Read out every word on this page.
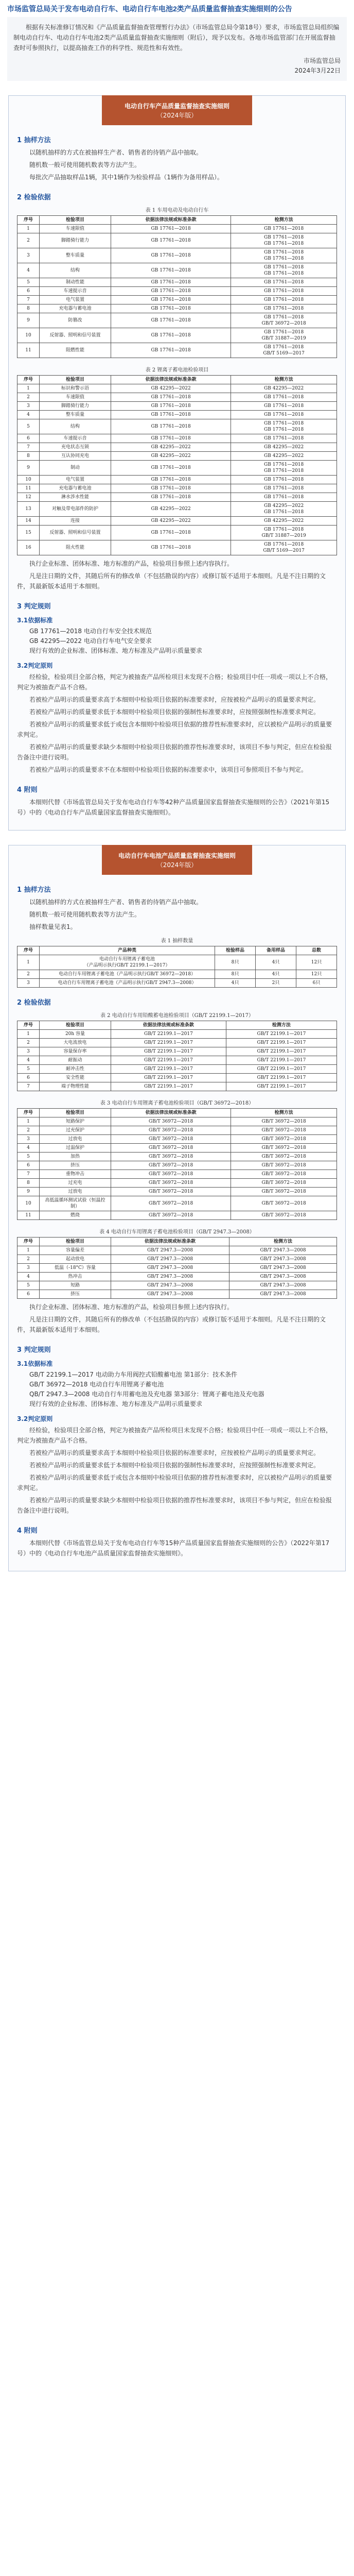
市场监管总局关于发布电动自行车、电动自行车电池2类产品质量监督抽查实施细则的公告

根据有关标准修订情况和《产品质量监督抽查管理暂行办法》（市场监管总局令第18号）要求，市场监管总局组织编制电动自行车、电动自行车电池2类产品质量监督抽查实施细则（附后），现予以发布。各地市场监管部门在开展监督抽查时可参照执行，以提高抽查工作的科学性、规范性和有效性。

市场监管总局
2024年3月22日
电动自行车产品质量监督抽查实施细则
（2024年版）
1 抽样方法

以随机抽样的方式在被抽样生产者、销售者的待销产品中抽取。

随机数一般可使用随机数表等方法产生。

每批次产品抽取样品1辆，其中1辆作为检验样品（1辆作为备用样品）。

2 检验依据
表 1 车用电动及电动自行车
序号	检验项目	依据法律法规或标准条款	检测方法
1	车速限值	GB 17761—2018	GB 17761—2018
2	脚踏骑行能力	GB 17761—2018	GB 17761—2018
GB 17761—2018
3	整车质量	GB 17761—2018	GB 17761—2018
GB 17761—2018
4	结构	GB 17761—2018	GB 17761—2018
GB 17761—2018
5	制动性能	GB 17761—2018	GB 17761—2018
6	车速提示音	GB 17761—2018	GB 17761—2018
7	电气装置	GB 17761—2018	GB 17761—2018
8	充电器与蓄电池	GB 17761—2018	GB 17761—2018
9	防篡改	GB 17761—2018	GB 17761—2018
GB/T 36972—2018
10	反射器、照明和信号装置	GB 17761—2018	GB 17761—2018
GB/T 31887—2019
11	阻燃性能	GB 17761—2018	GB 17761—2018
GB/T 5169—2017
表 2 锂离子蓄电池检验项目
序号	检验项目	依据法律法规或标准条款	检测方法
1	标识和警示语	GB 42295—2022	GB 42295—2022
2	车速限值	GB 17761—2018	GB 17761—2018
3	脚踏骑行能力	GB 17761—2018	GB 17761—2018
4	整车质量	GB 17761—2018	GB 17761—2018
5	结构	GB 17761—2018	GB 17761—2018
GB 17761—2018
6	车速提示音	GB 17761—2018	GB 17761—2018
7	充电状态互锁	GB 42295—2022	GB 42295—2022
8	互认协同充电	GB 42295—2022	GB 42295—2022
9	制动	GB 17761—2018	GB 17761—2018
GB 17761—2018
10	电气装置	GB 17761—2018	GB 17761—2018
11	充电器与蓄电池	GB 17761—2018	GB 17761—2018
12	淋水涉水性能	GB 17761—2018	GB 17761—2018
13	对触及带电部件的防护	GB 42295—2022	GB 42295—2022
GB 17761—2018
14	连接	GB 42295—2022	GB 42295—2022
15	反射器、照明和信号装置	GB 17761—2018	GB 17761—2018
GB/T 31887—2019
16	阻火性能	GB 17761—2018	GB 17761—2018
GB/T 5169—2017

执行企业标准、团体标准、地方标准的产品，检验项目参照上述内容执行。

凡是注日期的文件，其随后所有的修改单（不包括勘误的内容）或修订版不适用于本细则。凡是不注日期的文件，其最新版本适用于本细则。

3 判定规则
3.1依据标准

GB 17761—2018 电动自行车安全技术规范

GB 42295—2022 电动自行车电气安全要求

现行有效的企业标准、团体标准、地方标准及产品明示质量要求

3.2判定原则

经检验，检验项目全部合格，判定为被抽查产品所检项目未发现不合格；检验项目中任一项或一项以上不合格，判定为被抽查产品不合格。

若被检产品明示的质量要求高于本细则中检验项目依据的标准要求时，应按被检产品明示的质量要求判定。

若被检产品明示的质量要求低于本细则中检验项目依据的强制性标准要求时，应按照强制性标准要求判定。

若被检产品明示的质量要求低于或包含本细则中检验项目依据的推荐性标准要求时，应以被检产品明示的质量要求判定。

若被检产品明示的质量要求缺少本细则中检验项目依据的推荐性标准要求时，该项目不参与判定，但应在检验报告备注中进行说明。

若被检产品明示的质量要求不在本细则中检验项目依据的标准要求中，该项目可参照项目不参与判定。

4 附则

本细则代替《市场监管总局关于发布电动自行车等42种产品质量国家监督抽查实施细则的公告》（2021年第15号）中的《电动自行车产品质量国家监督抽查实施细则》。

电动自行车电池产品质量监督抽查实施细则
（2024年版）
1 抽样方法

以随机抽样的方式在被抽样生产者、销售者的待销产品中抽取。

随机数一般可使用随机数表等方法产生。

抽样数量见表1。

表 1 抽样数量
序号	产品种类	检验样品	备用样品	总数
1	电动自行车用锂离子蓄电池
（产品明示执行GB/T 22199.1—2017）	8只	4只	12只
2	电动自行车用锂离子蓄电池（产品明示执行GB/T 36972—2018）	8只	4只	12只
3	电动自行车用锂离子蓄电池（产品明示执行GB/T 2947.3—2008）	4只	2只	6只
2 检验依据
表 2 电动自行车用铅酸蓄电池检验项目（GB/T 22199.1—2017）
序号	检验项目	依据法律法规或标准条款	检测方法
1	20h 容量	GB/T 22199.1—2017	GB/T 22199.1—2017
2	大电流放电	GB/T 22199.1—2017	GB/T 22199.1—2017
3	容量保存率	GB/T 22199.1—2017	GB/T 22199.1—2017
4	耐振动	GB/T 22199.1—2017	GB/T 22199.1—2017
5	耐冲击性	GB/T 22199.1—2017	GB/T 22199.1—2017
6	安全性能	GB/T 22199.1—2017	GB/T 22199.1—2017
7	端子物理性能	GB/T 22199.1—2017	GB/T 22199.1—2017
表 3 电动自行车用锂离子蓄电池检验项目（GB/T 36972—2018）
序号	检验项目	依据法律法规或标准条款	检测方法
1	短路保护	GB/T 36972—2018	GB/T 36972—2018
2	过充保护	GB/T 36972—2018	GB/T 36972—2018
3	过放电	GB/T 36972—2018	GB/T 36972—2018
4	过温保护	GB/T 36972—2018	GB/T 36972—2018
5	加热	GB/T 36972—2018	GB/T 36972—2018
6	挤压	GB/T 36972—2018	GB/T 36972—2018
7	重物冲击	GB/T 36972—2018	GB/T 36972—2018
8	过充电	GB/T 36972—2018	GB/T 36972—2018
9	过放电	GB/T 36972—2018	GB/T 36972—2018
10	高低温循环测试试验（恒温控制）	GB/T 36972—2018	GB/T 36972—2018
11	燃烧	GB/T 36972—2018	GB/T 36972—2018
表 4 电动自行车用锂离子蓄电池检验项目（GB/T 2947.3—2008）
序号	检验项目	依据法律法规或标准条款	检测方法
1	容量偏差	GB/T 2947.3—2008	GB/T 2947.3—2008
2	起动放电	GB/T 2947.3—2008	GB/T 2947.3—2008
3	低温（-18°C）容量	GB/T 2947.3—2008	GB/T 2947.3—2008
4	热冲击	GB/T 2947.3—2008	GB/T 2947.3—2008
5	短路	GB/T 2947.3—2008	GB/T 2947.3—2008
6	挤压	GB/T 2947.3—2008	GB/T 2947.3—2008

执行企业标准、团体标准、地方标准的产品，检验项目参照上述内容执行。

凡是注日期的文件，其随后所有的修改单（不包括勘误的内容）或修订版不适用于本细则。凡是不注日期的文件，其最新版本适用于本细则。

3 判定规则
3.1依据标准

GB/T 22199.1—2017 电动助力车用阀控式铅酸蓄电池 第1部分：技术条件

GB/T 36972—2018 电动自行车用锂离子蓄电池

QB/T 2947.3—2008 电动自行车用蓄电池及充电器 第3部分：锂离子蓄电池及充电器

现行有效的企业标准、团体标准、地方标准及产品明示质量要求

3.2判定原则

经检验，检验项目全部合格，判定为被抽查产品所检项目未发现不合格；检验项目中任一项或一项以上不合格，判定为被抽查产品不合格。

若被检产品明示的质量要求高于本细则中检验项目依据的标准要求时，应按被检产品明示的质量要求判定。

若被检产品明示的质量要求低于本细则中检验项目依据的强制性标准要求时，应按照强制性标准要求判定。

若被检产品明示的质量要求低于或包含本细则中检验项目依据的推荐性标准要求时，应以被检产品明示的质量要求判定。

若被检产品明示的质量要求缺少本细则中检验项目依据的推荐性标准要求时，该项目不参与判定，但应在检验报告备注中进行说明。

4 附则

本细则代替《市场监管总局关于发布电动自行车等15种产品质量国家监督抽查实施细则的公告》（2022年第17号）中的《电动自行车电池产品质量国家监督抽查实施细则》。
